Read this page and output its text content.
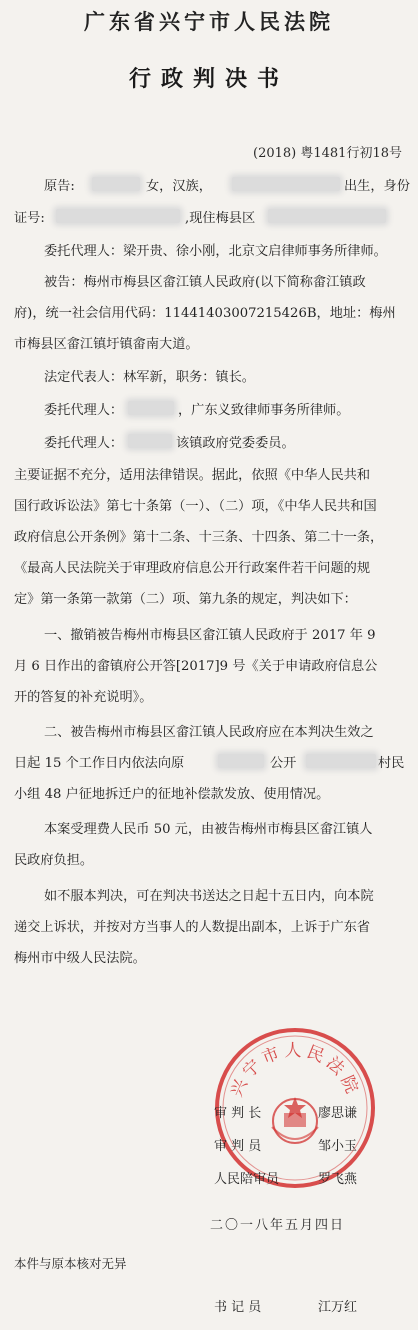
广东省兴宁市人民法院
行政判决书
(2018) 粤1481行初18号
原告:	女，汉族，	出生，身份
证号:	,现住梅县区
委托代理人：梁开贵、徐小刚，北京文启律师事务所律师。
被告：梅州市梅县区畲江镇人民政府(以下简称畲江镇政
府)，统一社会信用代码：11441403007215426B，地址：梅州
市梅县区畲江镇圩镇畲南大道。
法定代表人：林军新，职务：镇长。
委托代理人：	，广东义致律师事务所律师。
委托代理人：	该镇政府党委委员。
主要证据不充分，适用法律错误。据此，依照《中华人民共和
国行政诉讼法》第七十条第（一）、（二）项，《中华人民共和国
政府信息公开条例》第十二条、十三条、十四条、第二十一条，
《最高人民法院关于审理政府信息公开行政案件若干问题的规
定》第一条第一款第（二）项、第九条的规定，判决如下：
一、撤销被告梅州市梅县区畲江镇人民政府于 2017 年 9
月 6 日作出的畲镇府公开答[2017]9 号《关于申请政府信息公
开的答复的补充说明》。
二、被告梅州市梅县区畲江镇人民政府应在本判决生效之
日起 15 个工作日内依法向原	公开	村民
小组 48 户征地拆迁户的征地补偿款发放、使用情况。
本案受理费人民币 50 元，由被告梅州市梅县区畲江镇人
民政府负担。
如不服本判决，可在判决书送达之日起十五日内，向本院
递交上诉状，并按对方当事人的人数提出副本，上诉于广东省
梅州市中级人民法院。
兴宁市人民法院
审 判 长	廖思谦
审 判 员	邹小玉
人民陪审员	罗飞燕
二〇一八年五月四日
本件与原本核对无异
书 记 员	江万红
